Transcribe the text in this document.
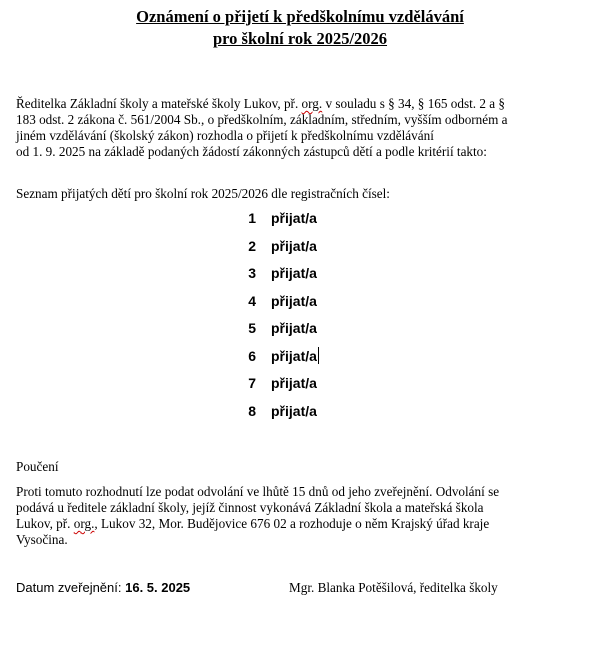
Oznámení o přijetí k předškolnímu vzdělávání
pro školní rok 2025/2026
Ředitelka Základní školy a mateřské školy Lukov, př. org. v souladu s § 34, § 165 odst. 2 a §
183 odst. 2 zákona č. 561/2004 Sb., o předškolním, základním, středním, vyšším odborném a
jiném vzdělávání (školský zákon) rozhodla o přijetí k předškolnímu vzdělávání
od 1. 9. 2025 na základě podaných žádostí zákonných zástupců dětí a podle kritérií takto:
Seznam přijatých dětí pro školní rok 2025/2026 dle registračních čísel:
1 přijat/a
2 přijat/a
3 přijat/a
4 přijat/a
5 přijat/a
6 přijat/a
7 přijat/a
8 přijat/a
Poučení
Proti tomuto rozhodnutí lze podat odvolání ve lhůtě 15 dnů od jeho zveřejnění. Odvolání se
podává u ředitele základní školy, jejíž činnost vykonává Základní škola a mateřská škola
Lukov, př. org., Lukov 32, Mor. Budějovice 676 02 a rozhoduje o něm Krajský úřad kraje
Vysočina.
Datum zveřejnění: 16. 5. 2025	Mgr. Blanka Potěšilová, ředitelka školy
